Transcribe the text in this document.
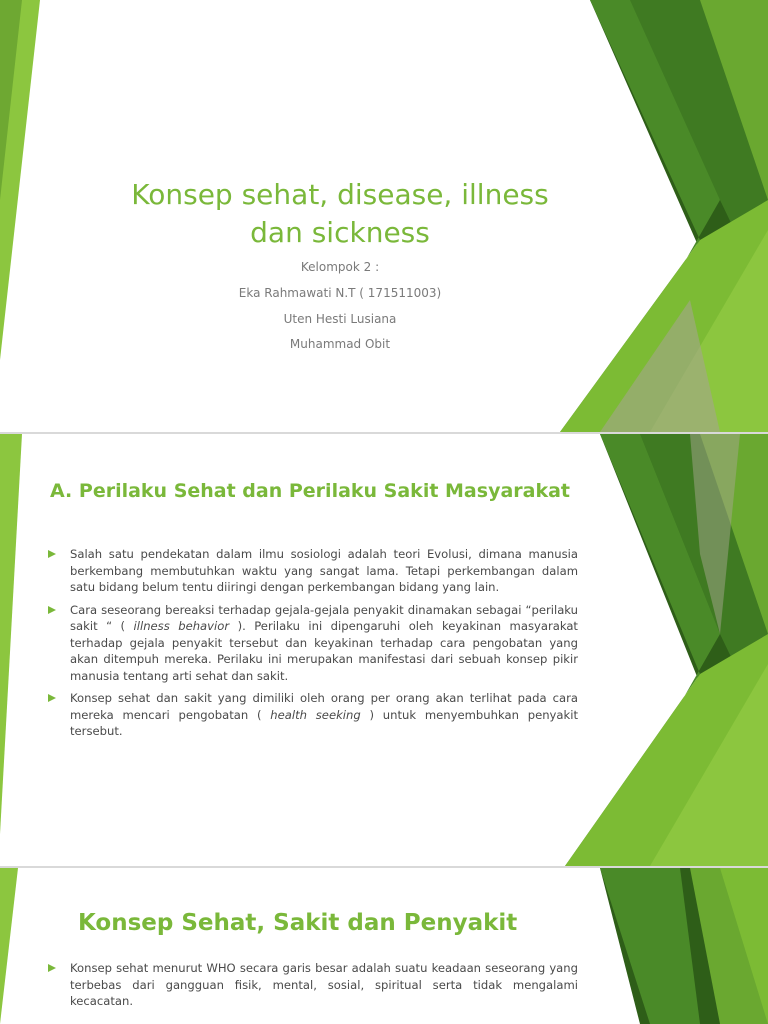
Konsep sehat, disease, illness
dan sickness
Kelompok 2 :
Eka Rahmawati N.T ( 171511003)
Uten Hesti Lusiana
Muhammad Obit
A. Perilaku Sehat dan Perilaku Sakit Masyarakat
Salah satu pendekatan dalam ilmu sosiologi adalah teori Evolusi, dimana manusia berkembang membutuhkan waktu yang sangat lama. Tetapi perkembangan dalam satu bidang belum tentu diiringi dengan perkembangan bidang yang lain.
Cara seseorang bereaksi terhadap gejala-gejala penyakit dinamakan sebagai “perilaku sakit “ ( illness behavior ). Perilaku ini dipengaruhi oleh keyakinan masyarakat terhadap gejala penyakit tersebut dan keyakinan terhadap cara pengobatan yang akan ditempuh mereka. Perilaku ini merupakan manifestasi dari sebuah konsep pikir manusia tentang arti sehat dan sakit.
Konsep sehat dan sakit yang dimiliki oleh orang per orang akan terlihat pada cara mereka mencari pengobatan ( health seeking ) untuk menyembuhkan penyakit tersebut.
Konsep Sehat, Sakit dan Penyakit
Konsep sehat menurut WHO secara garis besar adalah suatu keadaan seseorang yang terbebas dari gangguan fisik, mental, sosial, spiritual serta tidak mengalami kecacatan.
